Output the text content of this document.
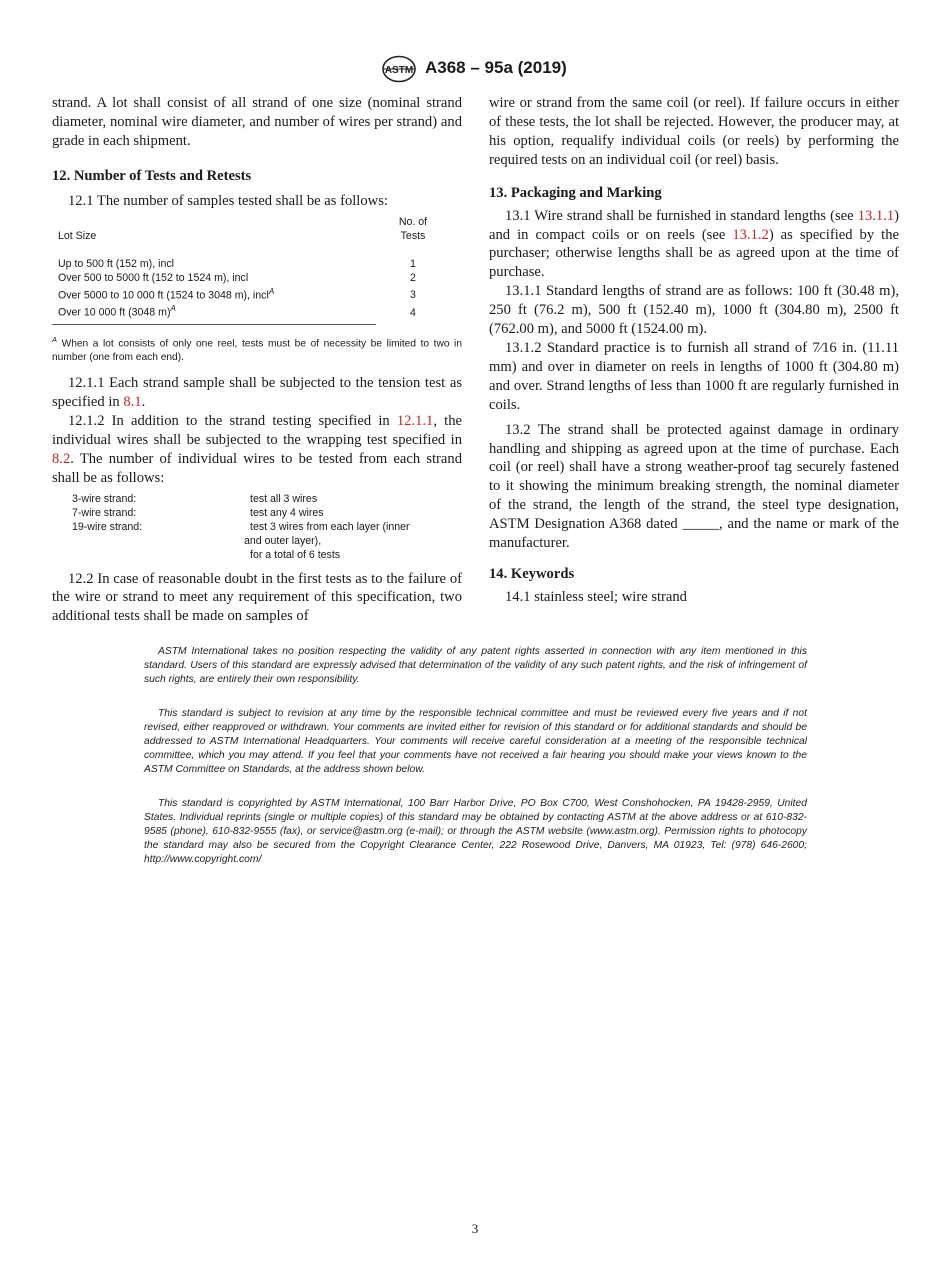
ASTM A368 – 95a (2019)

strand. A lot shall consist of all strand of one size (nominal strand diameter, nominal wire diameter, and number of wires per strand) and grade in each shipment.

12. Number of Tests and Retests

12.1 The number of samples tested shall be as follows:

Lot Size	No. of
Tests

Up to 500 ft (152 m), incl	1
Over 500 to 5000 ft (152 to 1524 m), incl	2
Over 5000 to 10 000 ft (1524 to 3048 m), incl$^A$	3
Over 10 000 ft (3048 m)$^A$	4

$^A$ When a lot consists of only one reel, tests must be of necessity be limited to two in number (one from each end).

12.1.1 Each strand sample shall be subjected to the tension test as specified in 8.1.

12.1.2 In addition to the strand testing specified in 12.1.1, the individual wires shall be subjected to the wrapping test specified in 8.2. The number of individual wires to be tested from each strand shall be as follows:

3-wire strand:	test all 3 wires
7-wire strand:	test any 4 wires
19-wire strand:	test 3 wires from each layer (inner
	and outer layer),
	for a total of 6 tests

12.2 In case of reasonable doubt in the first tests as to the failure of the wire or strand to meet any requirement of this specification, two additional tests shall be made on samples of

wire or strand from the same coil (or reel). If failure occurs in either of these tests, the lot shall be rejected. However, the producer may, at his option, requalify individual coils (or reels) by performing the required tests on an individual coil (or reel) basis.

13. Packaging and Marking

13.1 Wire strand shall be furnished in standard lengths (see 13.1.1) and in compact coils or on reels (see 13.1.2) as specified by the purchaser; otherwise lengths shall be as agreed upon at the time of purchase.

13.1.1 Standard lengths of strand are as follows: 100 ft (30.48 m), 250 ft (76.2 m), 500 ft (152.40 m), 1000 ft (304.80 m), 2500 ft (762.00 m), and 5000 ft (1524.00 m).

13.1.2 Standard practice is to furnish all strand of 7⁄16 in. (11.11 mm) and over in diameter on reels in lengths of 1000 ft (304.80 m) and over. Strand lengths of less than 1000 ft are regularly furnished in coils.

13.2 The strand shall be protected against damage in ordinary handling and shipping as agreed upon at the time of purchase. Each coil (or reel) shall have a strong weather-proof tag securely fastened to it showing the minimum breaking strength, the nominal diameter of the strand, the length of the strand, the steel type designation, ASTM Designation A368 dated _____, and the name or mark of the manufacturer.

14. Keywords

14.1 stainless steel; wire strand

ASTM International takes no position respecting the validity of any patent rights asserted in connection with any item mentioned in this standard. Users of this standard are expressly advised that determination of the validity of any such patent rights, and the risk of infringement of such rights, are entirely their own responsibility.

This standard is subject to revision at any time by the responsible technical committee and must be reviewed every five years and if not revised, either reapproved or withdrawn. Your comments are invited either for revision of this standard or for additional standards and should be addressed to ASTM International Headquarters. Your comments will receive careful consideration at a meeting of the responsible technical committee, which you may attend. If you feel that your comments have not received a fair hearing you should make your views known to the ASTM Committee on Standards, at the address shown below.

This standard is copyrighted by ASTM International, 100 Barr Harbor Drive, PO Box C700, West Conshohocken, PA 19428-2959, United States. Individual reprints (single or multiple copies) of this standard may be obtained by contacting ASTM at the above address or at 610-832-9585 (phone), 610-832-9555 (fax), or service@astm.org (e-mail); or through the ASTM website (www.astm.org). Permission rights to photocopy the standard may also be secured from the Copyright Clearance Center, 222 Rosewood Drive, Danvers, MA 01923, Tel: (978) 646-2600; http://www.copyright.com/

3
